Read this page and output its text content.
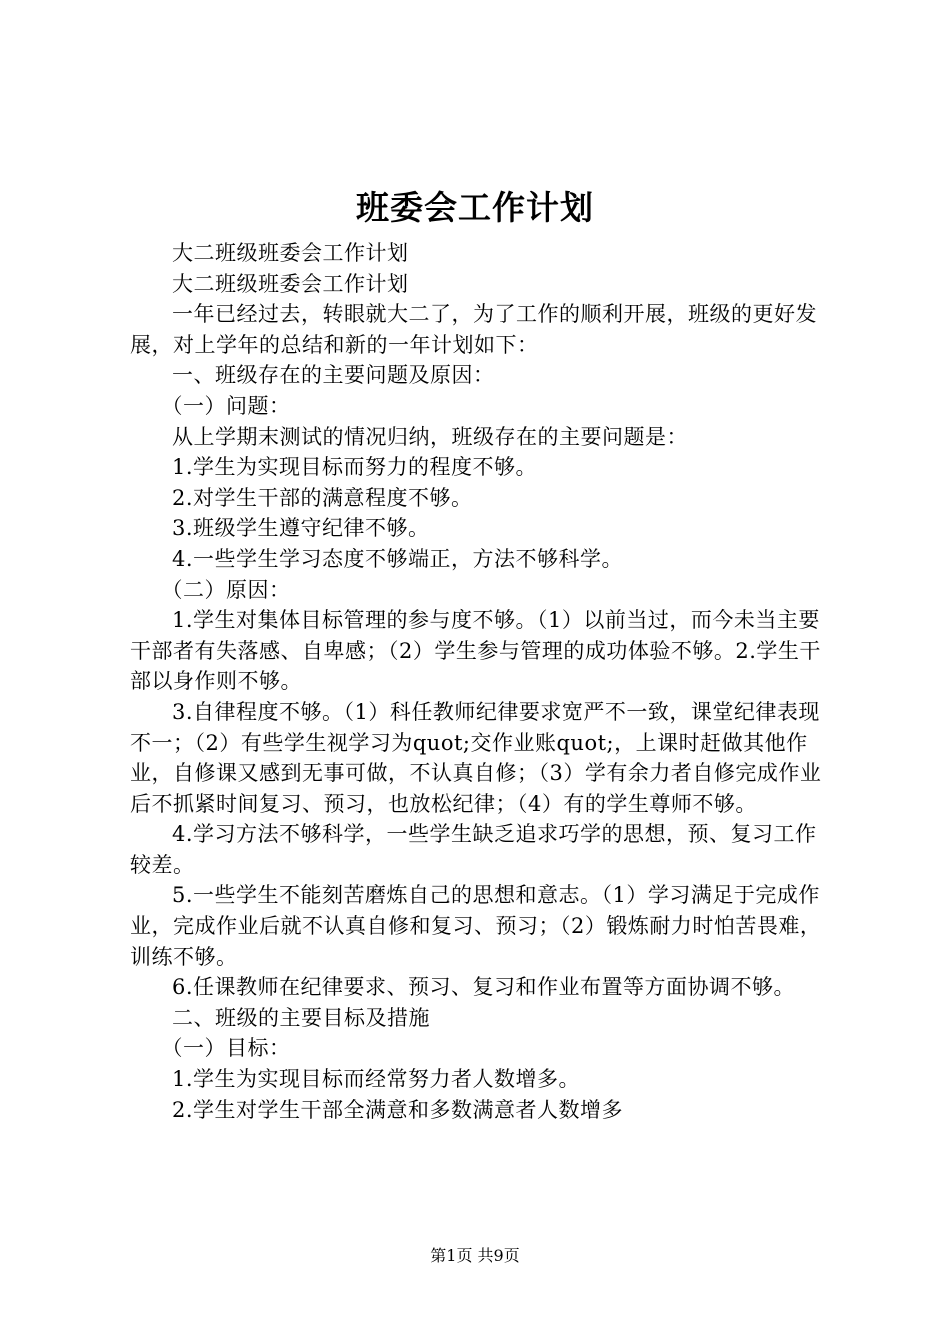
班委会工作计划

大二班级班委会工作计划

大二班级班委会工作计划

一年已经过去，转眼就大二了，为了工作的顺利开展，班级的更好发展，对上学年的总结和新的一年计划如下：

一、班级存在的主要问题及原因：

（一）问题：

从上学期末测试的情况归纳，班级存在的主要问题是：

1.学生为实现目标而努力的程度不够。

2.对学生干部的满意程度不够。

3.班级学生遵守纪律不够。

4.一些学生学习态度不够端正，方法不够科学。

（二）原因：

1.学生对集体目标管理的参与度不够。（1）以前当过，而今未当主要干部者有失落感、自卑感；（2）学生参与管理的成功体验不够。2.学生干部以身作则不够。

3.自律程度不够。（1）科任教师纪律要求宽严不一致，课堂纪律表现不一；（2）有些学生视学习为quot;交作业账quot;，上课时赶做其他作业，自修课又感到无事可做，不认真自修；（3）学有余力者自修完成作业后不抓紧时间复习、预习，也放松纪律；（4）有的学生尊师不够。

4.学习方法不够科学，一些学生缺乏追求巧学的思想，预、复习工作较差。

5.一些学生不能刻苦磨炼自己的思想和意志。（1）学习满足于完成作业，完成作业后就不认真自修和复习、预习；（2）锻炼耐力时怕苦畏难，训练不够。

6.任课教师在纪律要求、预习、复习和作业布置等方面协调不够。

二、班级的主要目标及措施

（一）目标：

1.学生为实现目标而经常努力者人数增多。

2.学生对学生干部全满意和多数满意者人数增多

第1页 共9页
